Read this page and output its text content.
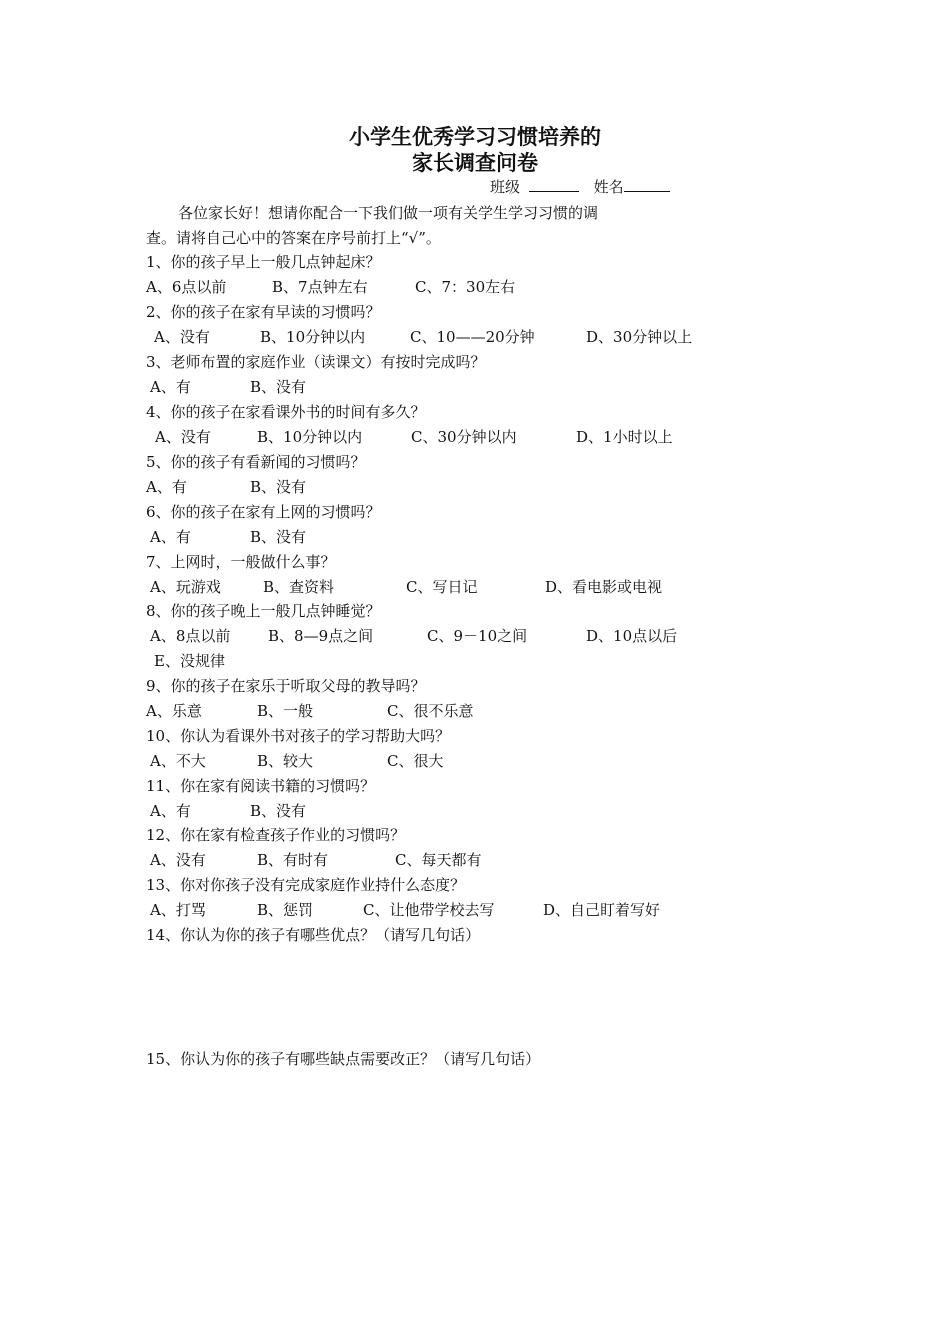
小学生优秀学习习惯培养的
家长调查问卷
班级	姓名
各位家长好！想请你配合一下我们做一项有关学生学习习惯的调
查。请将自己心中的答案在序号前打上“√”。
1、你的孩子早上一般几点钟起床？
A、6点以前	B、7点钟左右	C、7：30左右
2、你的孩子在家有早读的习惯吗？
A、没有	B、10分钟以内	C、10——20分钟	D、30分钟以上
3、老师布置的家庭作业（读课文）有按时完成吗？
A、有	B、没有
4、你的孩子在家看课外书的时间有多久？
A、没有	B、10分钟以内	C、30分钟以内	D、1小时以上
5、你的孩子有看新闻的习惯吗？
A、有	B、没有
6、你的孩子在家有上网的习惯吗？
A、有	B、没有
7、上网时，一般做什么事？
A、玩游戏	B、查资料	C、写日记	D、看电影或电视
8、你的孩子晚上一般几点钟睡觉？
A、8点以前	B、8—9点之间	C、9－10之间	D、10点以后
E、没规律
9、你的孩子在家乐于听取父母的教导吗？
A、乐意	B、一般	C、很不乐意
10、你认为看课外书对孩子的学习帮助大吗？
A、不大	B、较大	C、很大
11、你在家有阅读书籍的习惯吗？
A、有	B、没有
12、你在家有检查孩子作业的习惯吗？
A、没有	B、有时有	C、每天都有
13、你对你孩子没有完成家庭作业持什么态度？
A、打骂	B、惩罚	C、让他带学校去写	D、自己盯着写好
14、你认为你的孩子有哪些优点？（请写几句话）
15、你认为你的孩子有哪些缺点需要改正？（请写几句话）
